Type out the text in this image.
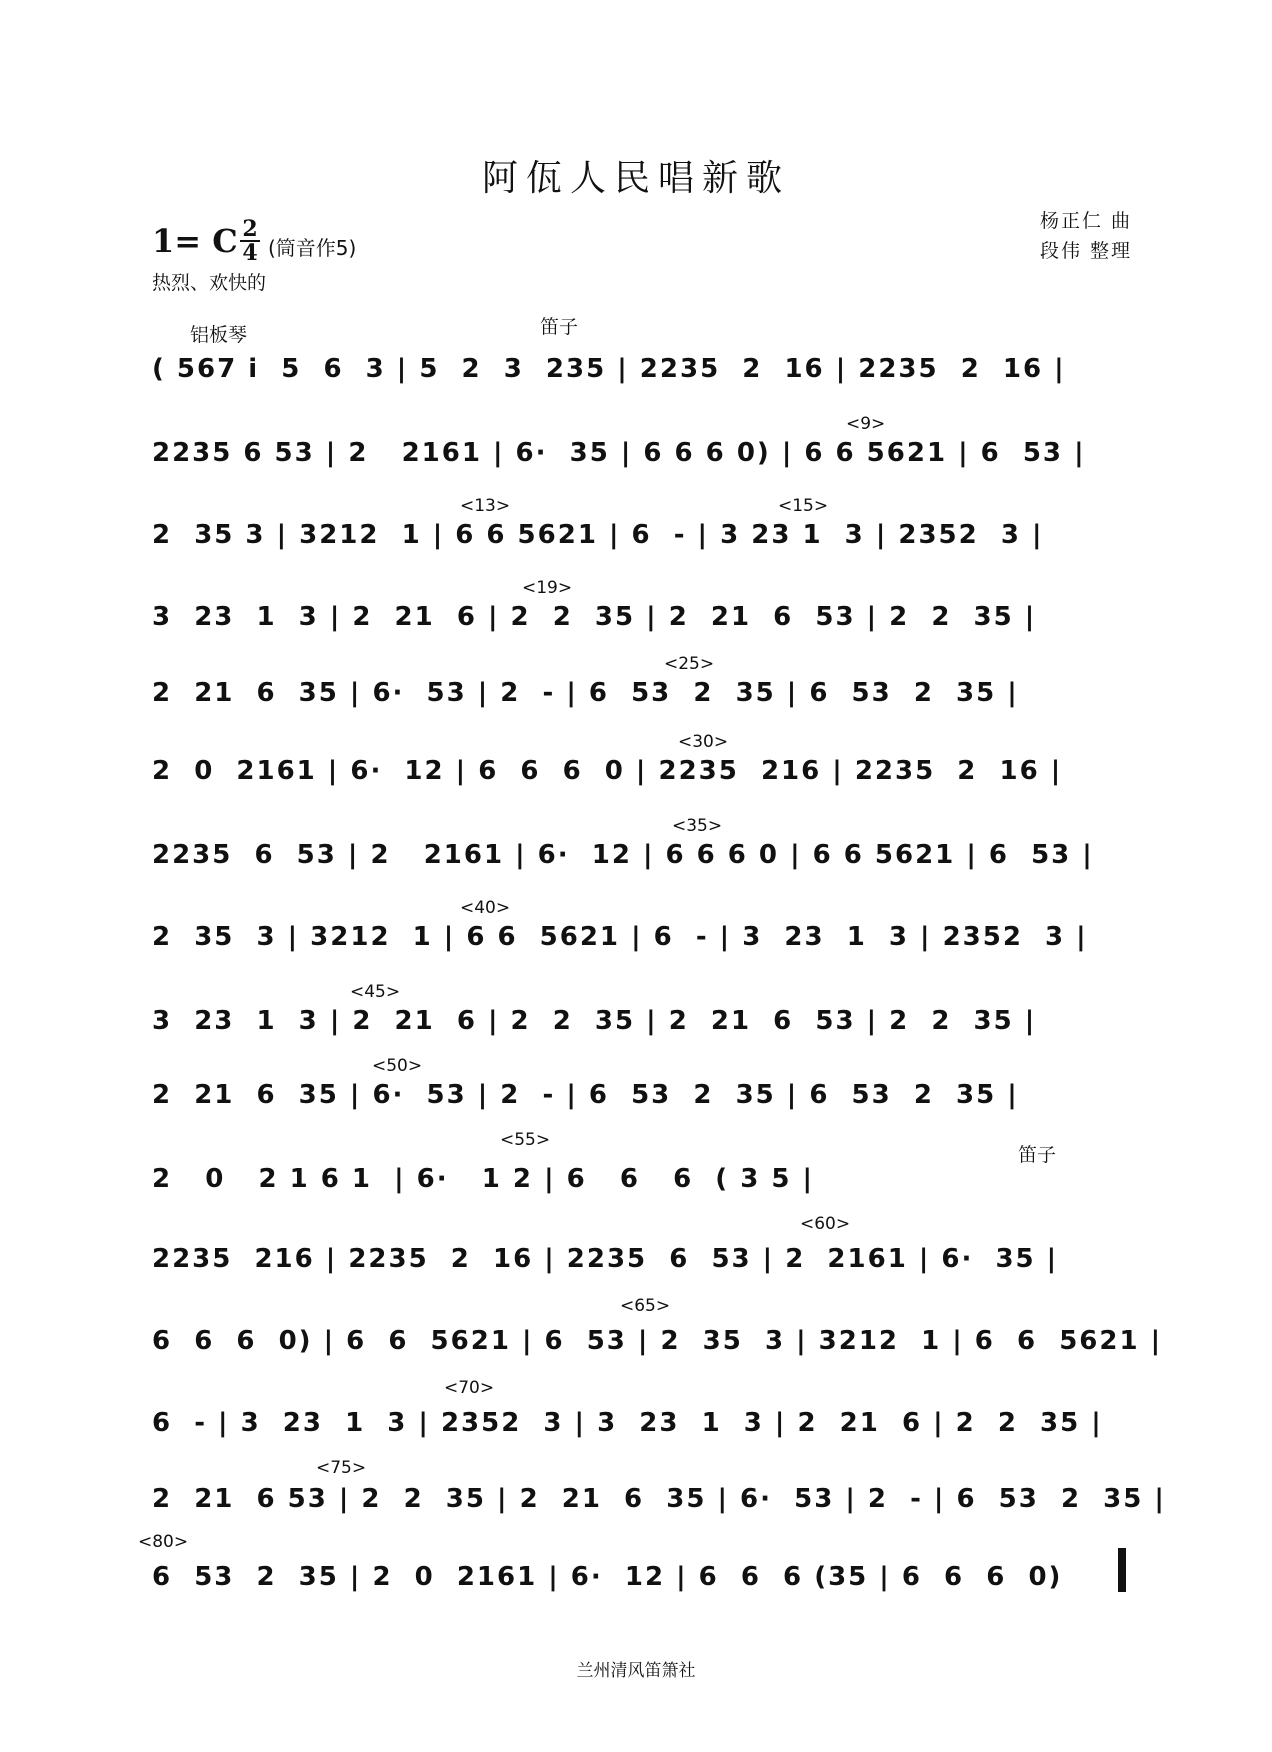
阿佤人民唱新歌
1= C 2
4 (筒音作5)
热烈、欢快的
杨正仁 曲
段伟 整理
铝板琴	笛子
笛子
<9>
<13>	<15>
<19>
<25>
<30>
<35>
<40>
<45>
<50>
<55>
<60>
<65>
<70>
<75>
<80>
( 567 i  5  6  3 | 5  2  3  235 | 2235  2  16 | 2235  2  16 |
2235 6 53 | 2   2161 | 6·  35 | 6 6 6 0) | 6 6 5621 | 6  53 |
2  35 3 | 3212  1 | 6 6 5621 | 6  - | 3 23 1  3 | 2352  3 |
3  23  1  3 | 2  21  6 | 2  2  35 | 2  21  6  53 | 2  2  35 |
2  21  6  35 | 6·  53 | 2  - | 6  53  2  35 | 6  53  2  35 |
2  0  2161 | 6·  12 | 6  6  6  0 | 2235  216 | 2235  2  16 |
2235  6  53 | 2   2161 | 6·  12 | 6 6 6 0 | 6 6 5621 | 6  53 |
2  35  3 | 3212  1 | 6 6  5621 | 6  - | 3  23  1  3 | 2352  3 |
3  23  1  3 | 2  21  6 | 2  2  35 | 2  21  6  53 | 2  2  35 |
2  21  6  35 | 6·  53 | 2  - | 6  53  2  35 | 6  53  2  35 |
2   0   2 1 6 1  | 6·   1 2 | 6   6   6  ( 3 5 |
2235  216 | 2235  2  16 | 2235  6  53 | 2  2161 | 6·  35 |
6  6  6  0) | 6  6  5621 | 6  53 | 2  35  3 | 3212  1 | 6  6  5621 |
6  - | 3  23  1  3 | 2352  3 | 3  23  1  3 | 2  21  6 | 2  2  35 |
2  21  6 53 | 2  2  35 | 2  21  6  35 | 6·  53 | 2  - | 6  53  2  35 |
6  53  2  35 | 2  0  2161 | 6·  12 | 6  6  6 (35 | 6  6  6  0)
兰州清风笛箫社
